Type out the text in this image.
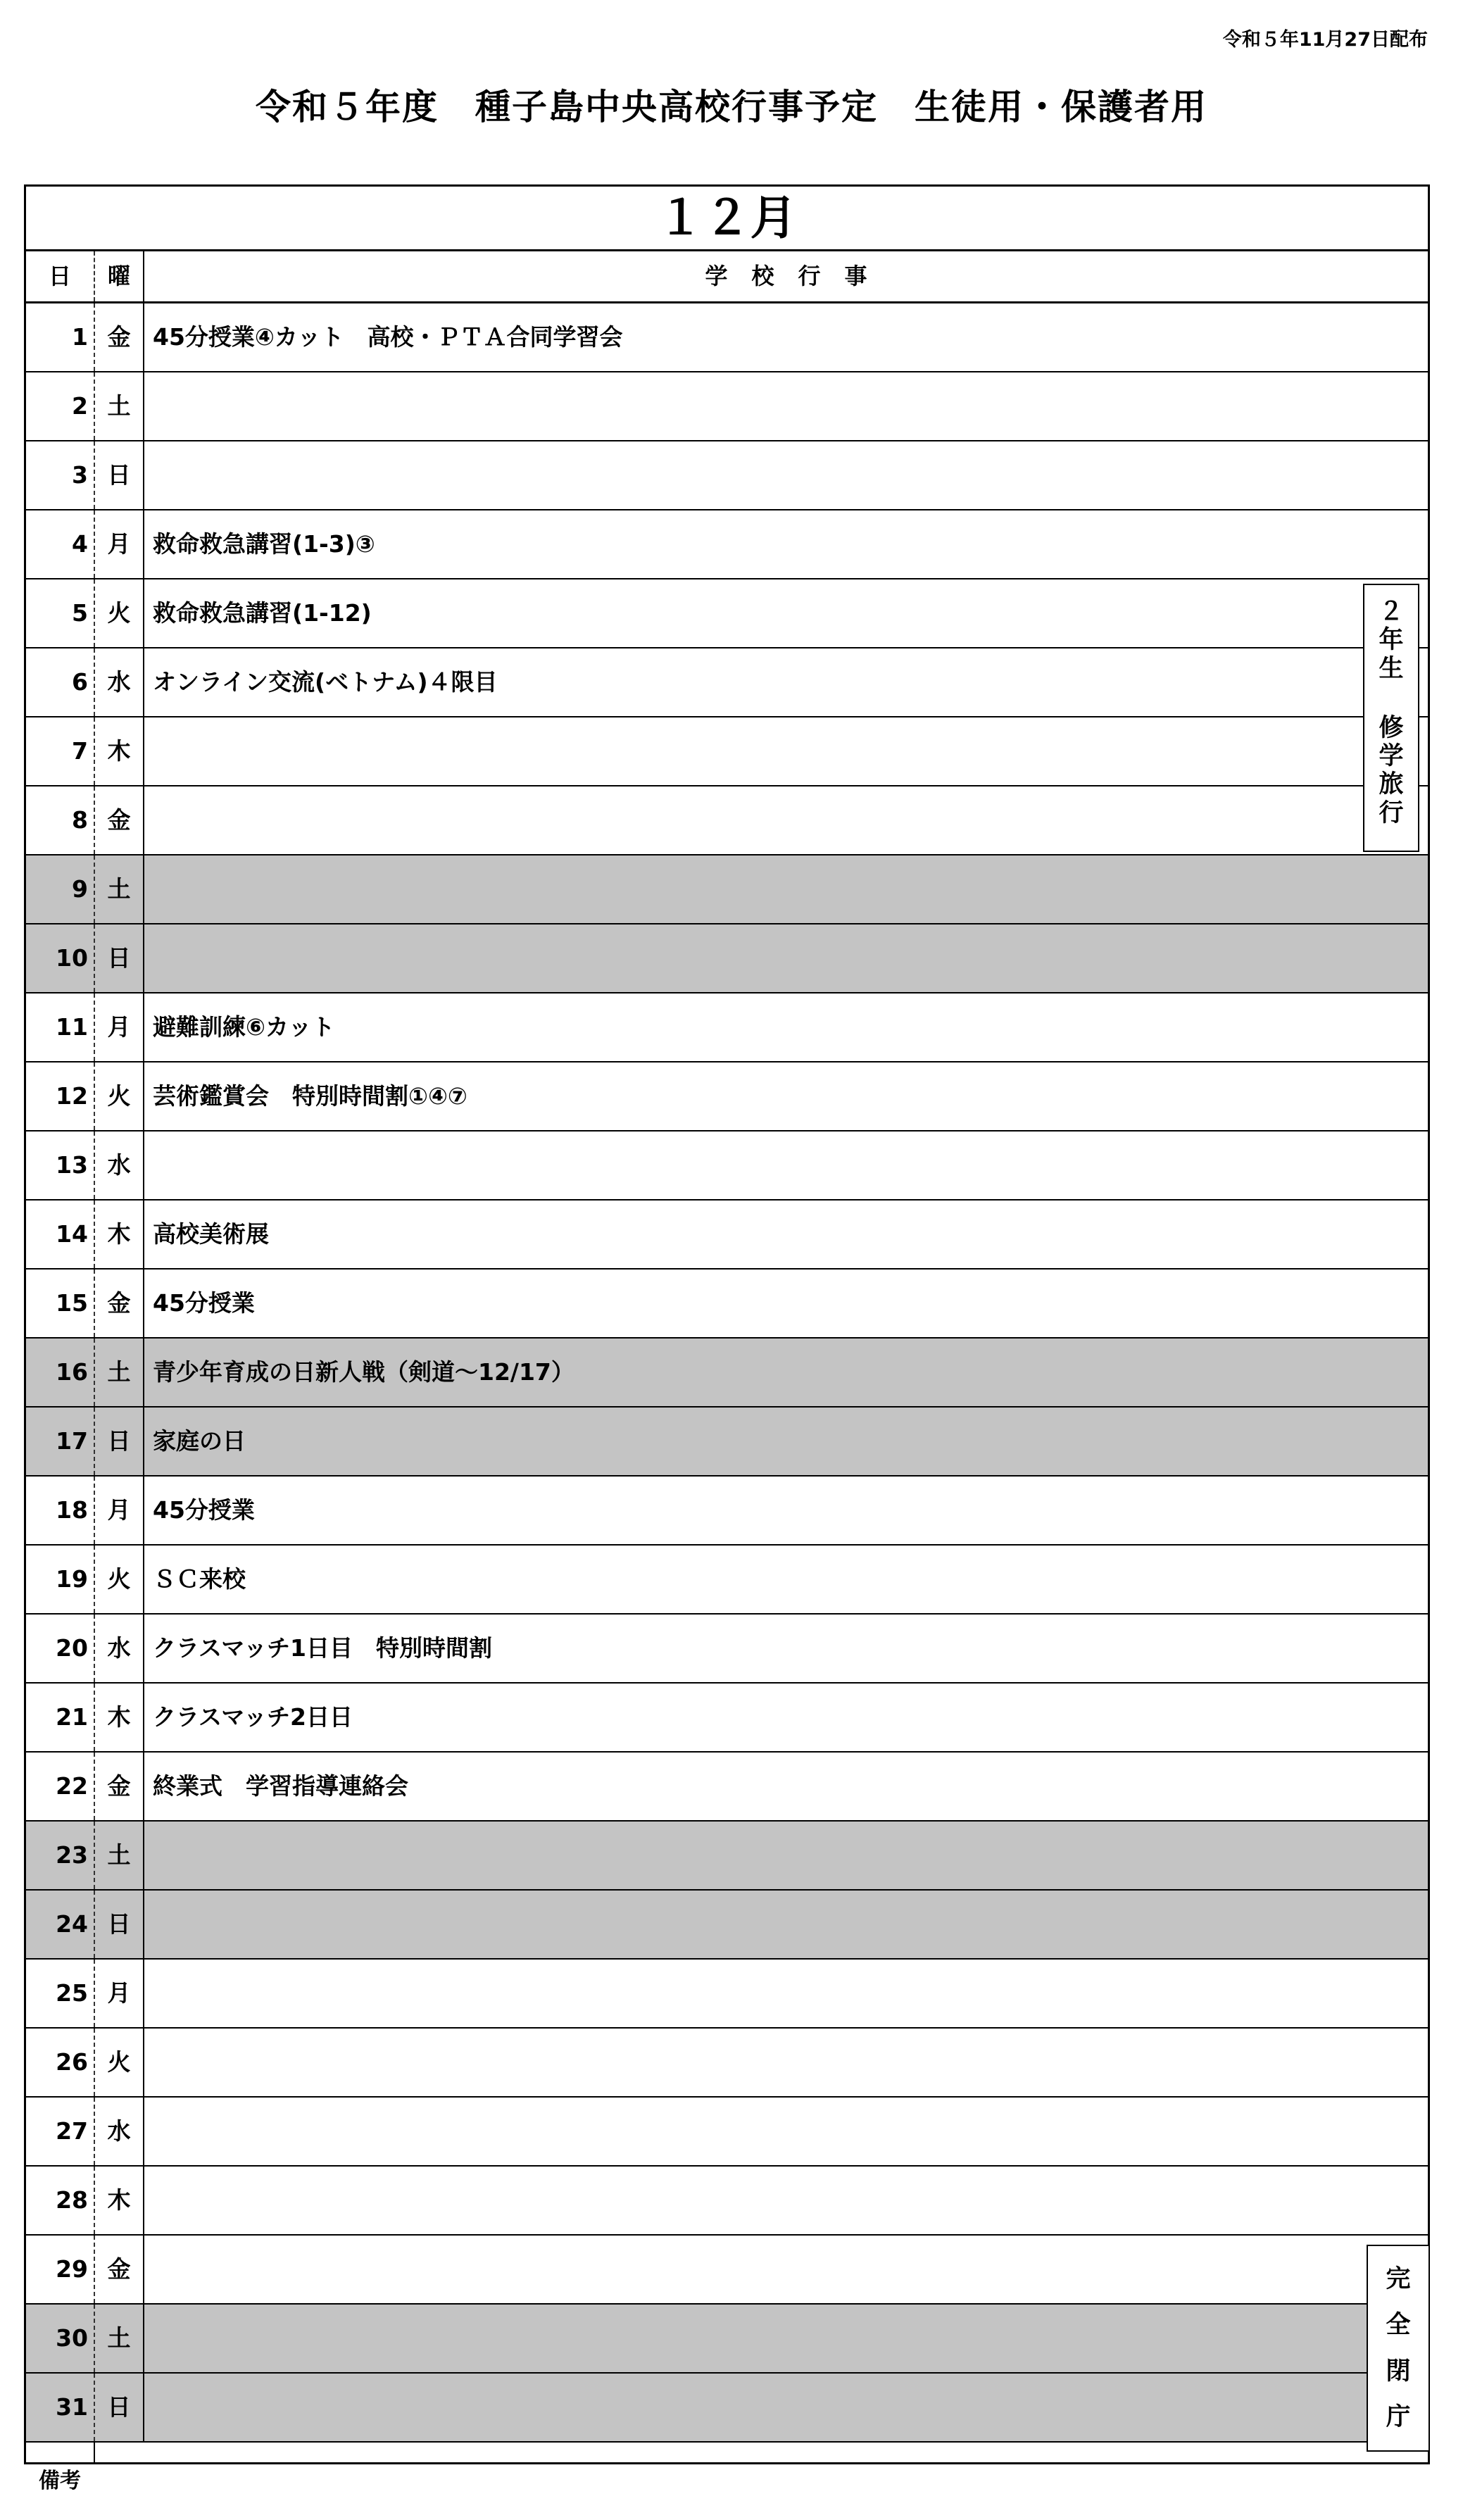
令和５年11月27日配布
令和５年度　種子島中央高校行事予定　生徒用・保護者用
１２月
日	曜	学校行事
1 金 45分授業④カット　高校・ＰＴＡ合同学習会
2 土
3 日
4 月 救命救急講習(1-3)③
5 火 救命救急講習(1-12)
6 水 オンライン交流(ベトナム)４限目
7 木
8 金
9 土
10 日
11 月 避難訓練⑥カット
12 火 芸術鑑賞会　特別時間割①④⑦
13 水
14 木 高校美術展
15 金 45分授業
16 土 青少年育成の日新人戦（剣道～12/17）
17 日 家庭の日
18 月 45分授業
19 火 ＳＣ来校
20 水 クラスマッチ1日目　特別時間割
21 木 クラスマッチ2日日
22 金 終業式　学習指導連絡会
23 土
24 日
25 月
26 火
27 水
28 木
29 金
30 土
31 日
備考
２
年
生
修
学
旅
行
完
全
閉
庁
